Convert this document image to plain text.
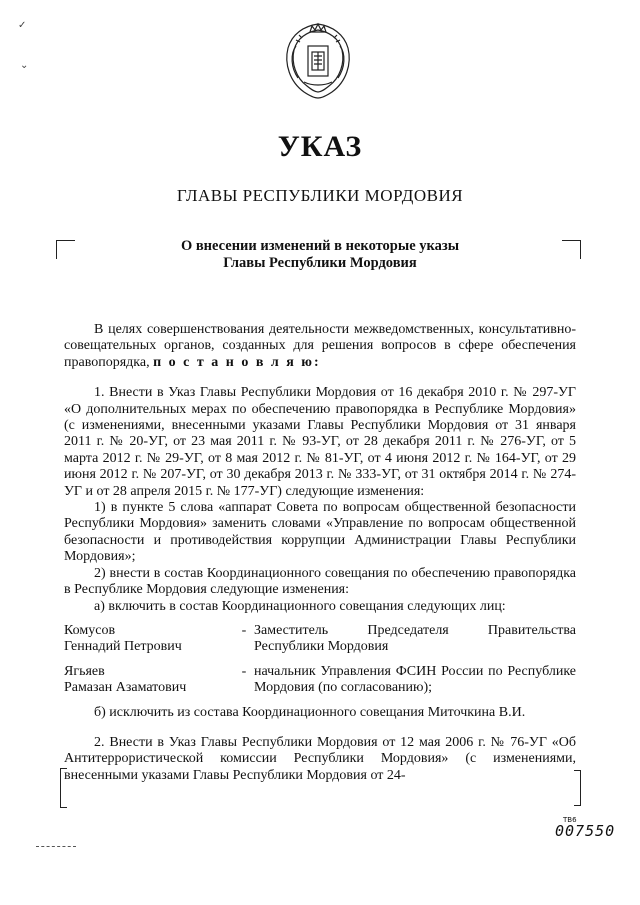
✓
⌄
УКАЗ
ГЛАВЫ РЕСПУБЛИКИ МОРДОВИЯ
О внесении изменений в некоторые указы
Главы Республики Мордовия

В целях совершенствования деятельности межведомственных, консультативно-совещательных органов, созданных для решения вопросов в сфере обеспечения правопорядка, п о с т а н о в л я ю:

1. Внести в Указ Главы Республики Мордовия от 16 декабря 2010 г. № 297-УГ «О дополнительных мерах по обеспечению правопорядка в Республике Мордовия» (с изменениями, внесенными указами Главы Республики Мордовия от 31 января 2011 г. № 20-УГ, от 23 мая 2011 г. № 93-УГ, от 28 декабря 2011 г. № 276-УГ, от 5 марта 2012 г. № 29-УГ, от 8 мая 2012 г. № 81-УГ, от 4 июня 2012 г. № 164-УГ, от 29 июня 2012 г. № 207-УГ, от 30 декабря 2013 г. № 333-УГ, от 31 октября 2014 г. № 274-УГ и от 28 апреля 2015 г. № 177-УГ) следующие изменения:

1) в пункте 5 слова «аппарат Совета по вопросам общественной безопасности Республики Мордовия» заменить словами «Управление по вопросам общественной безопасности и противодействия коррупции Администрации Главы Республики Мордовия»;

2) внести в состав Координационного совещания по обеспечению правопорядка в Республике Мордовия следующие изменения:

а) включить в состав Координационного совещания следующих лиц:

Комусов
Геннадий Петрович
- Заместитель Председателя Правительства Республики Мордовия
Ягьяев
Рамазан Азаматович
- начальник Управления ФСИН России по Республике Мордовия (по согласованию);

б) исключить из состава Координационного совещания Миточкина В.И.

2. Внести в Указ Главы Республики Мордовия от 12 мая 2006 г. № 76-УГ «Об Антитеррористической комиссии Республики Мордовия» (с изменениями, внесенными указами Главы Республики Мордовия от 24-

ТВ6
007550
